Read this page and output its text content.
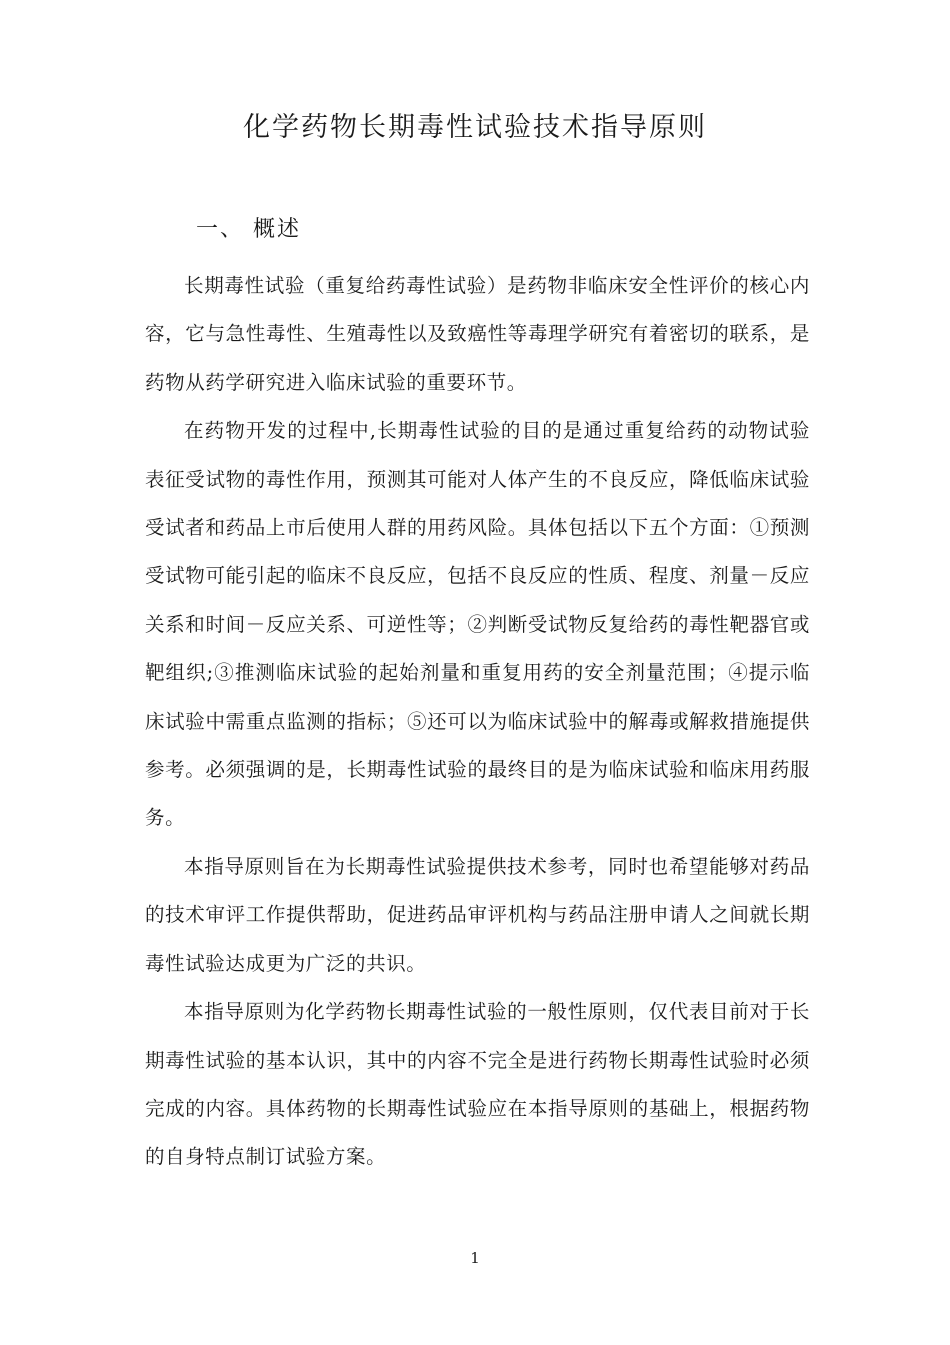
化学药物长期毒性试验技术指导原则
一、 概述

长期毒性试验（重复给药毒性试验）是药物非临床安全性评价的核心内容，它与急性毒性、生殖毒性以及致癌性等毒理学研究有着密切的联系，是药物从药学研究进入临床试验的重要环节。

在药物开发的过程中,长期毒性试验的目的是通过重复给药的动物试验表征受试物的毒性作用，预测其可能对人体产生的不良反应，降低临床试验受试者和药品上市后使用人群的用药风险。具体包括以下五个方面：①预测受试物可能引起的临床不良反应，包括不良反应的性质、程度、剂量－反应关系和时间－反应关系、可逆性等；②判断受试物反复给药的毒性靶器官或靶组织;③推测临床试验的起始剂量和重复用药的安全剂量范围；④提示临床试验中需重点监测的指标；⑤还可以为临床试验中的解毒或解救措施提供参考。必须强调的是，长期毒性试验的最终目的是为临床试验和临床用药服务。

本指导原则旨在为长期毒性试验提供技术参考，同时也希望能够对药品的技术审评工作提供帮助，促进药品审评机构与药品注册申请人之间就长期毒性试验达成更为广泛的共识。

本指导原则为化学药物长期毒性试验的一般性原则，仅代表目前对于长期毒性试验的基本认识，其中的内容不完全是进行药物长期毒性试验时必须完成的内容。具体药物的长期毒性试验应在本指导原则的基础上，根据药物的自身特点制订试验方案。

1
